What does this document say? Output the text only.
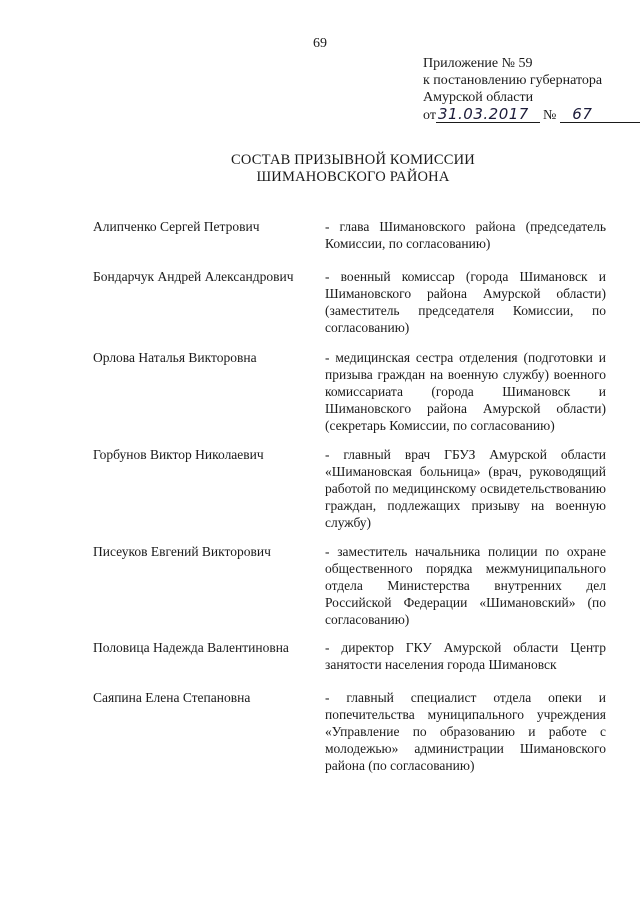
69
Приложение № 59
к постановлению губернатора
Амурской области
от 31.03.2017	№	67
СОСТАВ ПРИЗЫВНОЙ КОМИССИИ
ШИМАНОВСКОГО РАЙОНА
Алипченко Сергей Петрович	- глава Шимановского района (председатель Комиссии, по согласованию)
Бондарчук Андрей Александрович - военный комиссар (города Шимановск и Шимановского района Амурской области) (заместитель председателя Комиссии, по согласованию)
Орлова Наталья Викторовна	- медицинская сестра отделения (подготовки и призыва граждан на военную службу) военного комиссариата (города Шимановск и Шимановского района Амурской области) (секретарь Комиссии, по согласованию)
Горбунов Виктор Николаевич	- главный врач ГБУЗ Амурской области «Шимановская больница» (врач, руководящий работой по медицинскому освидетельствованию граждан, подлежащих призыву на военную службу)
Писеуков Евгений Викторович	- заместитель начальника полиции по охране общественного порядка межмуниципального отдела Министерства внутренних дел Российской Федерации «Шимановский» (по согласованию)
Половица Надежда Валентиновна	- директор ГКУ Амурской области Центр занятости населения города Шимановск
Саяпина Елена Степановна	- главный специалист отдела опеки и попечительства муниципального учреждения «Управление по образованию и работе с молодежью» администрации Шимановского района (по согласованию)
